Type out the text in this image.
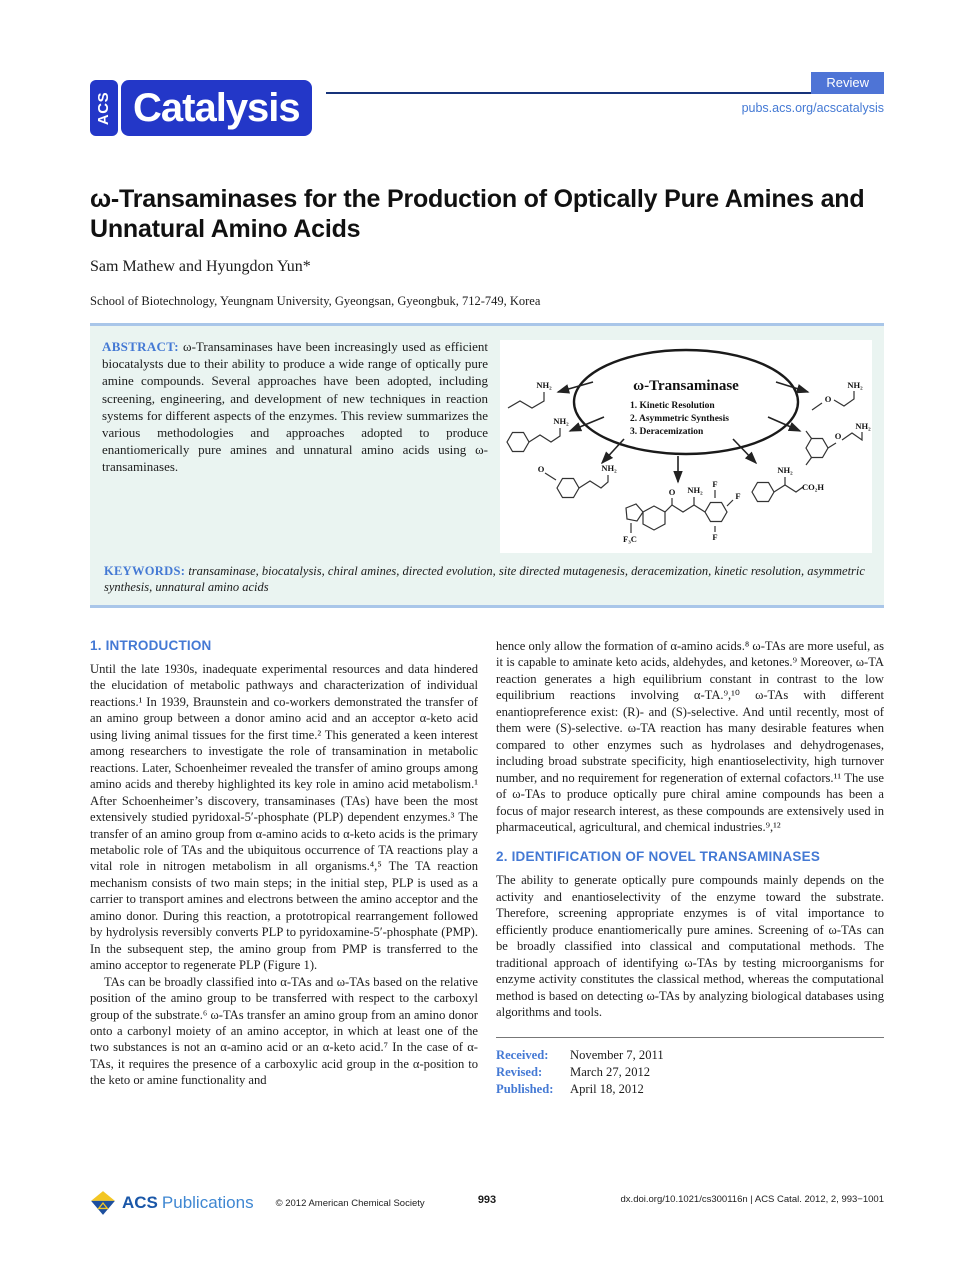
ACS Catalysis
Review
pubs.acs.org/acscatalysis
ω-Transaminases for the Production of Optically Pure Amines and
Unnatural Amino Acids
Sam Mathew and Hyungdon Yun*
School of Biotechnology, Yeungnam University, Gyeongsan, Gyeongbuk, 712-749, Korea
ABSTRACT: ω-Transaminases have been increasingly used as efficient biocatalysts due to their ability to produce a wide range of optically pure amine compounds. Several approaches have been adopted, including screening, engineering, and development of new techniques in reaction systems for different aspects of the enzymes. This review summarizes the various methodologies and approaches adopted to produce enantiomerically pure amines and unnatural amino acids using ω-transaminases.
ω-Transaminase
1. Kinetic Resolution
2. Asymmetric Synthesis
3. Deracemization
NH₂
NH₂
O	NH₂
O NH₂
F
F
F
F₃C
NH₂
CO₂H
O
NH₂
O
NH₂
KEYWORDS: transaminase, biocatalysis, chiral amines, directed evolution, site directed mutagenesis, deracemization, kinetic resolution, asymmetric synthesis, unnatural amino acids
1. INTRODUCTION

Until the late 1930s, inadequate experimental resources and data hindered the elucidation of metabolic pathways and characterization of individual reactions.¹ In 1939, Braunstein and co-workers demonstrated the transfer of an amino group between a donor amino acid and an acceptor α-keto acid using living animal tissues for the first time.² This generated a keen interest among researchers to investigate the role of transamination in metabolic reactions. Later, Schoenheimer revealed the transfer of amino groups among amino acids and thereby highlighted its key role in amino acid metabolism.¹ After Schoenheimer’s discovery, transaminases (TAs) have been the most extensively studied pyridoxal-5′-phosphate (PLP) dependent enzymes.³ The transfer of an amino group from α-amino acids to α-keto acids is the primary metabolic role of TAs and the ubiquitous occurrence of TA reactions play a vital role in nitrogen metabolism in all organisms.⁴,⁵ The TA reaction mechanism consists of two main steps; in the initial step, PLP is used as a carrier to transport amines and electrons between the amino acceptor and the amino donor. During this reaction, a prototropical rearrangement followed by hydrolysis reversibly converts PLP to pyridoxamine-5′-phosphate (PMP). In the subsequent step, the amino group from PMP is transferred to the amino acceptor to regenerate PLP (Figure 1).

TAs can be broadly classified into α-TAs and ω-TAs based on the relative position of the amino group to be transferred with respect to the carboxyl group of the substrate.⁶ ω-TAs transfer an amino group from an amino donor onto a carbonyl moiety of an amino acceptor, in which at least one of the two substances is not an α-amino acid or an α-keto acid.⁷ In the case of α-TAs, it requires the presence of a carboxylic acid group in the α-position to the keto or amine functionality and

hence only allow the formation of α-amino acids.⁸ ω-TAs are more useful, as it is capable to aminate keto acids, aldehydes, and ketones.⁹ Moreover, ω-TA reaction generates a high equilibrium constant in contrast to the low equilibrium reactions involving α-TA.⁹,¹⁰ ω-TAs with different enantiopreference exist: (R)- and (S)-selective. And until recently, most of them were (S)-selective. ω-TA reaction has many desirable features when compared to other enzymes such as hydrolases and dehydrogenases, including broad substrate specificity, high enantioselectivity, high turnover number, and no requirement for regeneration of external cofactors.¹¹ The use of ω-TAs to produce optically pure chiral amine compounds has been a focus of major research interest, as these compounds are extensively used in pharmaceutical, agricultural, and chemical industries.⁹,¹²

2. IDENTIFICATION OF NOVEL TRANSAMINASES

The ability to generate optically pure compounds mainly depends on the activity and enantioselectivity of the enzyme toward the substrate. Therefore, screening appropriate enzymes is of vital importance to efficiently produce enantiomerically pure amines. Screening of ω-TAs can be broadly classified into classical and computational methods. The traditional approach of identifying ω-TAs by testing microorganisms for enzyme activity constitutes the classical method, whereas the computational method is based on detecting ω-TAs by analyzing biological databases using algorithms and tools.

Received:	November 7, 2011
Revised:	March 27, 2012
Published:	April 18, 2012
ACS Publications © 2012 American Chemical Society	993	dx.doi.org/10.1021/cs300116n | ACS Catal. 2012, 2, 993−1001
